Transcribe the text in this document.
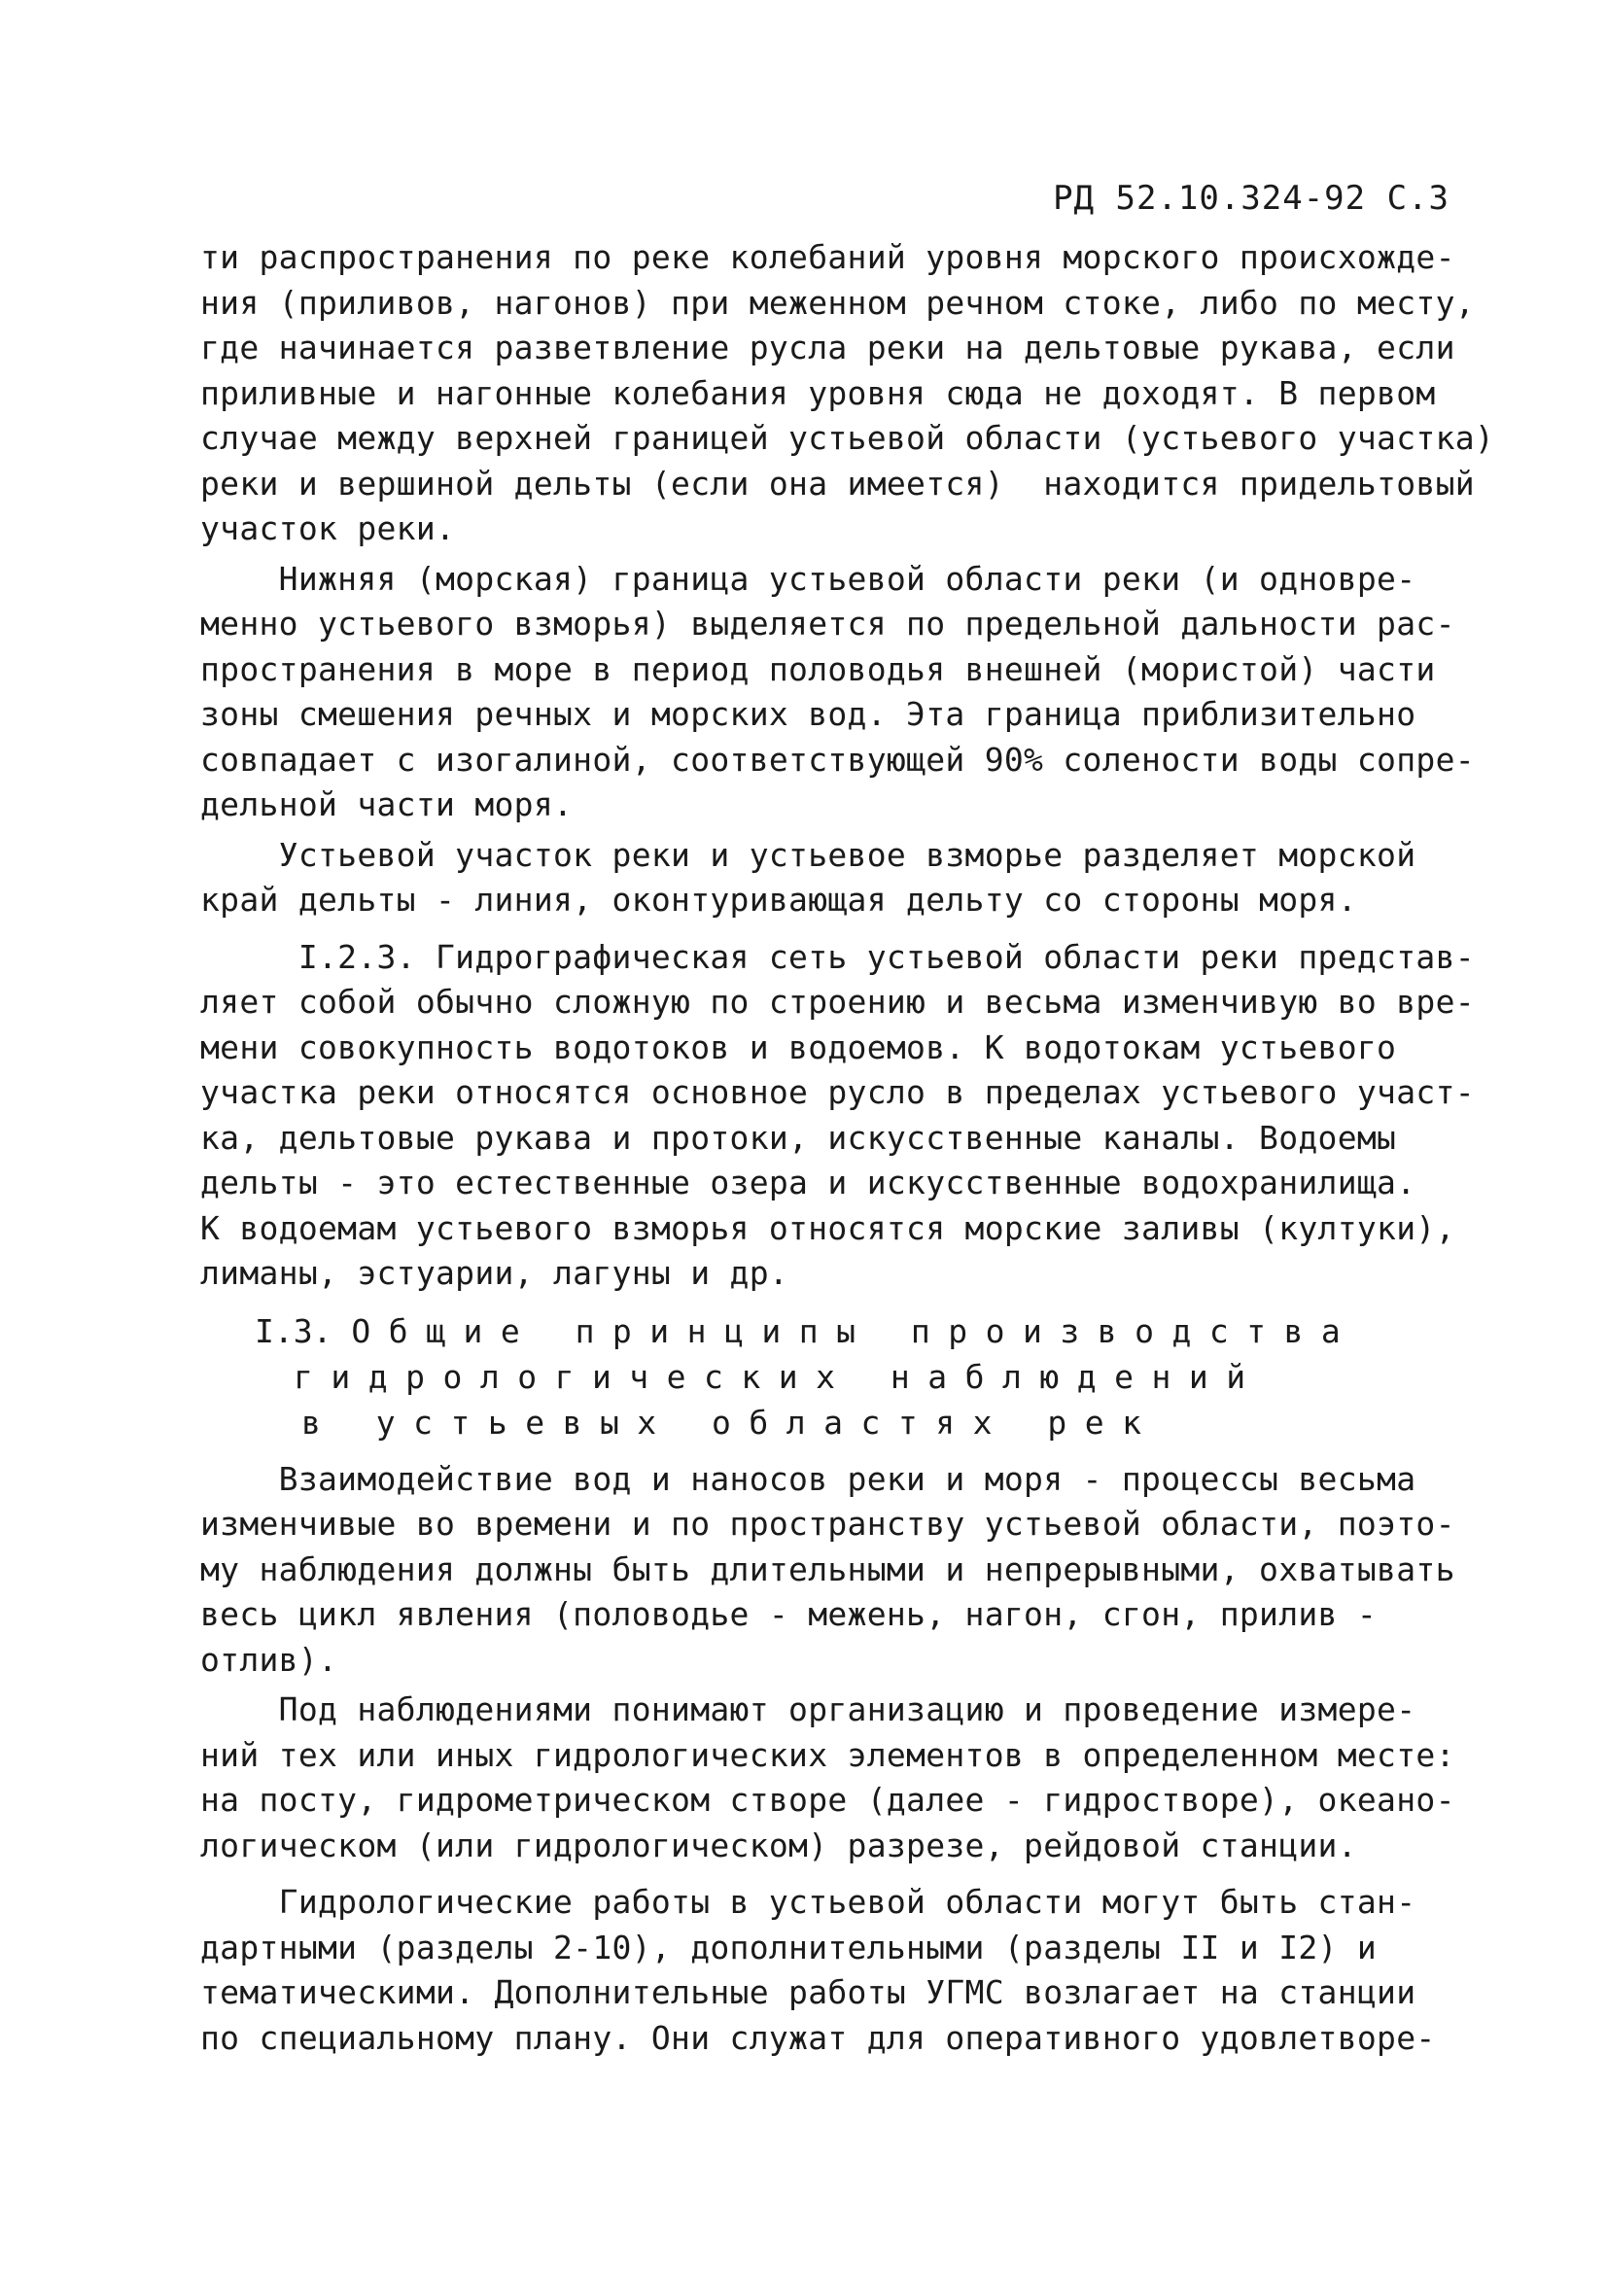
РД 52.10.324-92 С.3

ти распространения по реке колебаний уровня морского происхожде-
ния (приливов, нагонов) при меженном речном стоке, либо по месту,
где начинается разветвление русла реки на дельтовые рукава, если
приливные и нагонные колебания уровня сюда не доходят. В первом
случае между верхней границей устьевой области (устьевого участка)
реки и вершиной дельты (если она имеется)  находится придельтовый
участок реки.

Нижняя (морская) граница устьевой области реки (и одновре-
менно устьевого взморья) выделяется по предельной дальности рас-
пространения в море в период половодья внешней (мористой) части
зоны смешения речных и морских вод. Эта граница приблизительно
совпадает с изогалиной, соответствующей 90% солености воды сопре-
дельной части моря.

Устьевой участок реки и устьевое взморье разделяет морской
край дельты - линия, оконтуривающая дельту со стороны моря.

I.2.3. Гидрографическая сеть устьевой области реки представ-
ляет собой обычно сложную по строению и весьма изменчивую во вре-
мени совокупность водотоков и водоемов. К водотокам устьевого
участка реки относятся основное русло в пределах устьевого участ-
ка, дельтовые рукава и протоки, искусственные каналы. Водоемы
дельты - это естественные озера и искусственные водохранилища.
К водоемам устьевого взморья относятся морские заливы (култуки),
лиманы, эстуарии, лагуны и др.

I.3. Общие принципы производства
гидрологических наблюдений
в устьевых областях рек

Взаимодействие вод и наносов реки и моря - процессы весьма
изменчивые во времени и по пространству устьевой области, поэто-
му наблюдения должны быть длительными и непрерывными, охватывать
весь цикл явления (половодье - межень, нагон, сгон, прилив -
отлив).

Под наблюдениями понимают организацию и проведение измере-
ний тех или иных гидрологических элементов в определенном месте:
на посту, гидрометрическом створе (далее - гидростворе), океано-
логическом (или гидрологическом) разрезе, рейдовой станции.

Гидрологические работы в устьевой области могут быть стан-
дартными (разделы 2-10), дополнительными (разделы II и I2) и
тематическими. Дополнительные работы УГМС возлагает на станции
по специальному плану. Они служат для оперативного удовлетворе-
